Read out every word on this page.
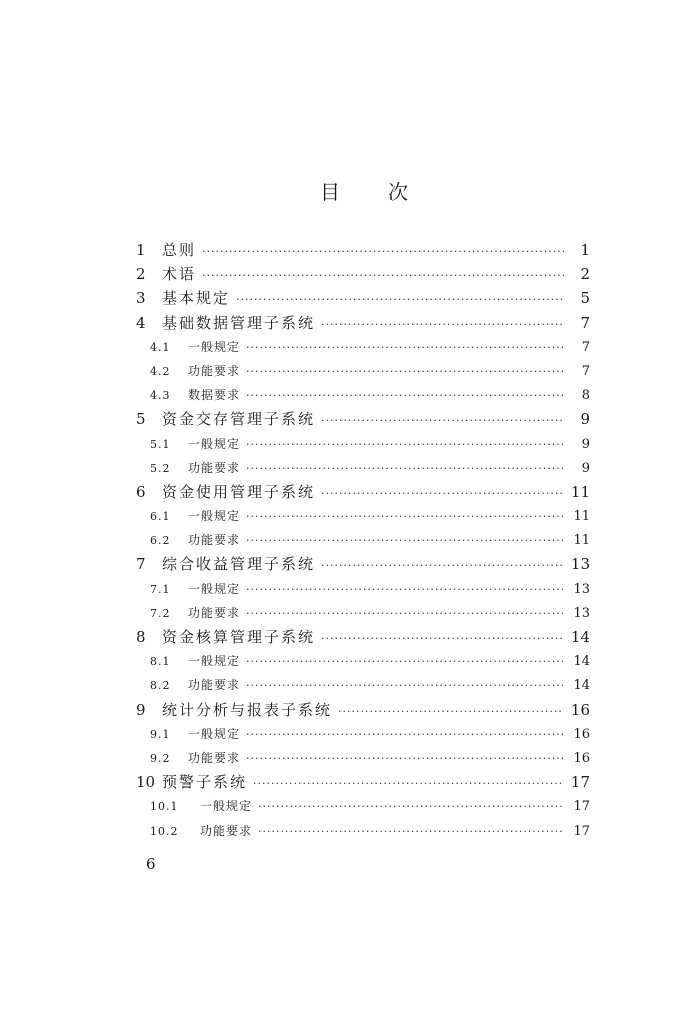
目 次
1	总则 ·····	1
2	术语 ·····	2
3	基本规定 ·····	5
4	基础数据管理子系统 ·····	7
4.1	一般规定 ·····	7
4.2	功能要求 ·····	7
4.3	数据要求 ·····	8
5	资金交存管理子系统 ·····	9
5.1	一般规定 ·····	9
5.2	功能要求 ·····	9
6	资金使用管理子系统 ·····	11
6.1	一般规定 ·····	11
6.2	功能要求 ·····	11
7	综合收益管理子系统 ·····	13
7.1	一般规定 ·····	13
7.2	功能要求 ·····	13
8	资金核算管理子系统 ·····	14
8.1	一般规定 ·····	14
8.2	功能要求 ·····	14
9	统计分析与报表子系统 ·····	16
9.1	一般规定 ·····	16
9.2	功能要求 ·····	16
10 预警子系统 ·····	17
10.1	一般规定 ·····	17
10.2	功能要求 ·····	17
6
